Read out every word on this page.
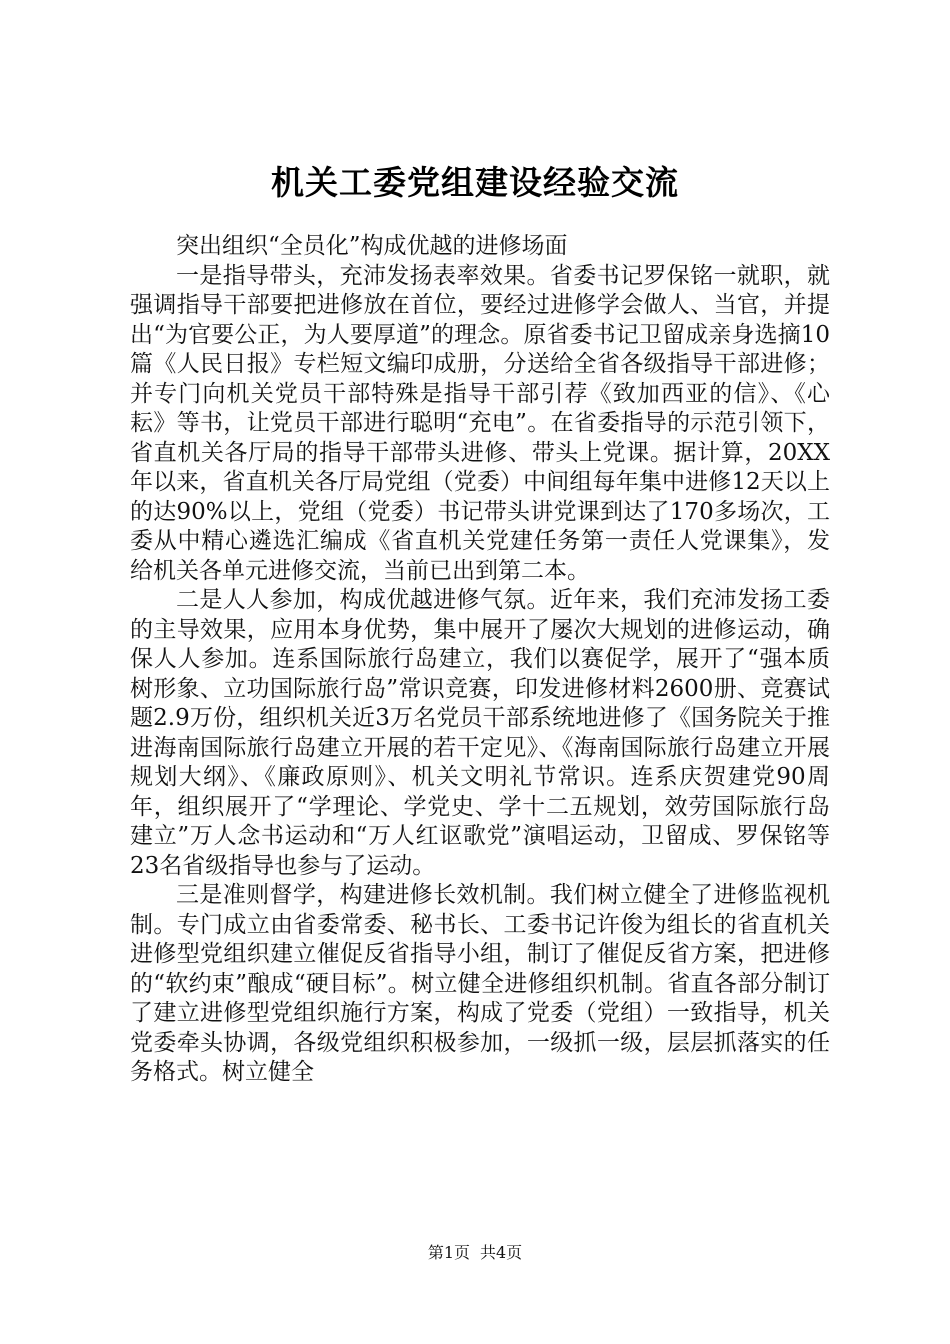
机关工委党组建设经验交流

突出组织“全员化”构成优越的进修场面

一是指导带头，充沛发扬表率效果。省委书记罗保铭一就职，就强调指导干部要把进修放在首位，要经过进修学会做人、当官，并提出“为官要公正，为人要厚道”的理念。原省委书记卫留成亲身选摘10篇《人民日报》专栏短文编印成册，分送给全省各级指导干部进修；并专门向机关党员干部特殊是指导干部引荐《致加西亚的信》、《心耘》等书，让党员干部进行聪明“充电”。在省委指导的示范引领下，省直机关各厅局的指导干部带头进修、带头上党课。据计算，20XX年以来，省直机关各厅局党组（党委）中间组每年集中进修12天以上的达90%以上，党组（党委）书记带头讲党课到达了170多场次，工委从中精心遴选汇编成《省直机关党建任务第一责任人党课集》，发给机关各单元进修交流，当前已出到第二本。

二是人人参加，构成优越进修气氛。近年来，我们充沛发扬工委的主导效果，应用本身优势，集中展开了屡次大规划的进修运动，确保人人参加。连系国际旅行岛建立，我们以赛促学，展开了“强本质树形象、立功国际旅行岛”常识竞赛，印发进修材料2600册、竞赛试题2.9万份，组织机关近3万名党员干部系统地进修了《国务院关于推进海南国际旅行岛建立开展的若干定见》、《海南国际旅行岛建立开展规划大纲》、《廉政原则》、机关文明礼节常识。连系庆贺建党90周年，组织展开了“学理论、学党史、学十二五规划，效劳国际旅行岛建立”万人念书运动和“万人红讴歌党”演唱运动，卫留成、罗保铭等23名省级指导也参与了运动。

三是准则督学，构建进修长效机制。我们树立健全了进修监视机制。专门成立由省委常委、秘书长、工委书记许俊为组长的省直机关进修型党组织建立催促反省指导小组，制订了催促反省方案，把进修的“软约束”酿成“硬目标”。树立健全进修组织机制。省直各部分制订了建立进修型党组织施行方案，构成了党委（党组）一致指导，机关党委牵头协调，各级党组织积极参加，一级抓一级，层层抓落实的任务格式。树立健全

第1页 共4页
